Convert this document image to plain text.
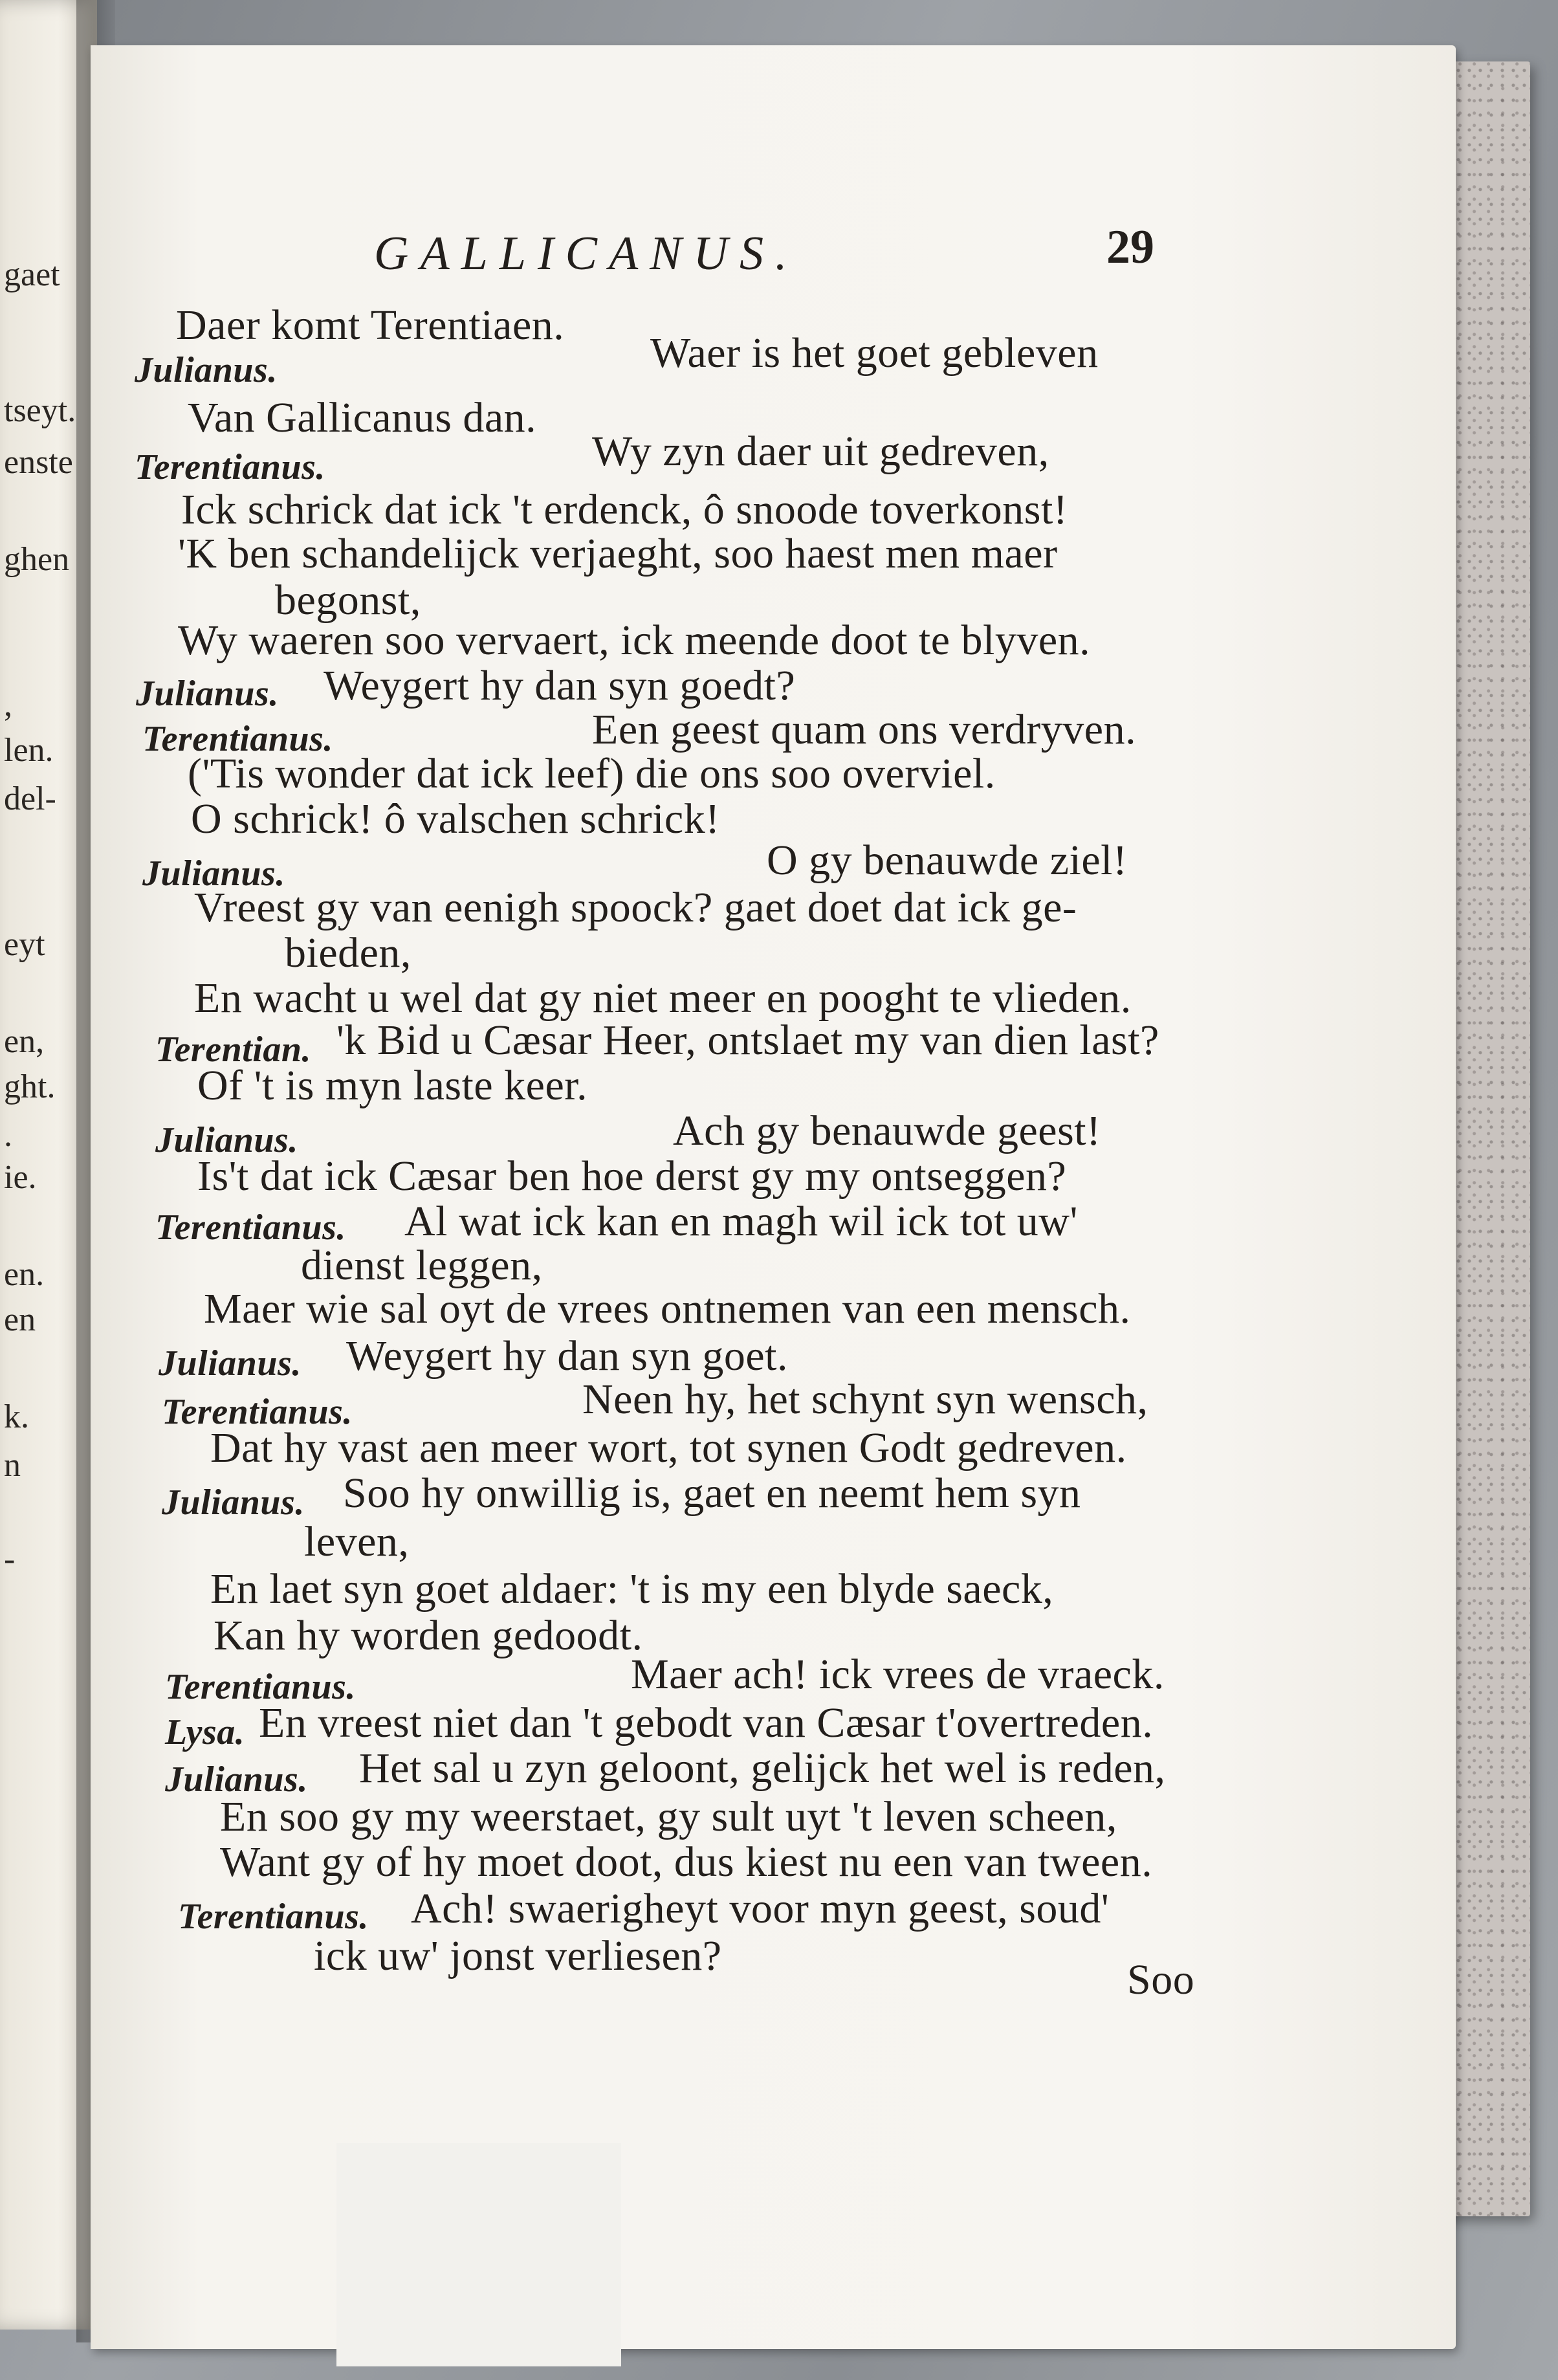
gaet
tseyt.
enste
ghen
,
len.
del-
eyt
en,
ght.
.
ie.
en.
en
k.
n
-
GALLICANUS.	29
Daer komt Terentiaen.
Julianus.	Waer is het goet gebleven
Van Gallicanus dan.
Terentianus.	Wy zyn daer uit gedreven,
Ick schrick dat ick 't erdenck, ô snoode toverkonst!
'K ben schandelijck verjaeght, soo haest men maer
begonst,
Wy waeren soo vervaert, ick meende doot te blyven.
Julianus. Weygert hy dan syn goedt?
Terentianus.	Een geest quam ons verdryven.
('Tis wonder dat ick leef) die ons soo overviel.
O schrick! ô valschen schrick!
Julianus.	O gy benauwde ziel!
Vreest gy van eenigh spoock? gaet doet dat ick ge-
bieden,
En wacht u wel dat gy niet meer en pooght te vlieden.
Terentian. 'k Bid u Cæsar Heer, ontslaet my van dien last?
Of 't is myn laste keer.
Julianus.	Ach gy benauwde geest!
Is't dat ick Cæsar ben hoe derst gy my ontseggen?
Terentianus. Al wat ick kan en magh wil ick tot uw'
dienst leggen,
Maer wie sal oyt de vrees ontnemen van een mensch.
Julianus. Weygert hy dan syn goet.
Terentianus.	Neen hy, het schynt syn wensch,
Dat hy vast aen meer wort, tot synen Godt gedreven.
Julianus. Soo hy onwillig is, gaet en neemt hem syn
leven,
En laet syn goet aldaer: 't is my een blyde saeck,
Kan hy worden gedoodt.
Terentianus.	Maer ach! ick vrees de vraeck.
Lysa. En vreest niet dan 't gebodt van Cæsar t'overtreden.
Julianus. Het sal u zyn geloont, gelijck het wel is reden,
En soo gy my weerstaet, gy sult uyt 't leven scheen,
Want gy of hy moet doot, dus kiest nu een van tween.
Terentianus. Ach! swaerigheyt voor myn geest, soud'
ick uw' jonst verliesen?
Soo
